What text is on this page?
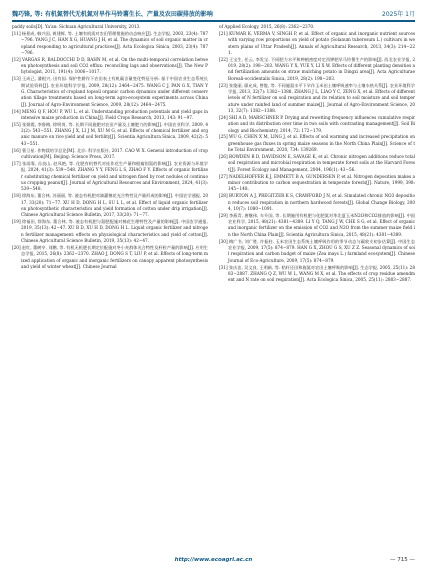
魏巧锋, 等: 有机氮替代无机氮对旱作马铃薯生长、产量及农田碳排放的影响	2025年 1月

paddy soils[D]. Ya'an: Sichuan Agricultural University, 2013.

[11] 杨景成, 韩兴国, 黄建辉, 等. 土壤有机质对农田管理措施的动态响应[J]. 生态学报, 2003, 23(4): 787−796. YANG J C, HAN X G, HUANG J H, et al. The dynamics of soil organic matter in cropland responding to agricultural practices[J]. Acta Ecologica Sinica, 2003, 23(4): 787−796.

[12] VARGAS R, BALDOCCHI D D, BAHN M, et al. On the multi-temporal correlation between photosynthesis and soil CO2 efflux: reconciling lags and observations[J]. The New Phytologist, 2011, 191(4): 1006−1017.

[13] 王成己, 潘根兴, 田有国. 保护性耕作下农田表土有机碳含量变化特征分析: 基于中国农业生态系统长期试验资料[J]. 农业环境科学学报, 2009, 28(12): 2464−2475. WANG C J, PAN G X, TIAN Y G. Characteristics of cropland topsoil organic carbon dynamics under different conservation tillage treatments based on long-term agro-ecosystem experiments across China[J]. Journal of Agro-Environment Science, 2009, 28(12): 2464−2475.

[14] MENG Q F, HOU P, WU L, et al. Understanding production potentials and yield gaps in intensive maize production in China[J]. Field Crops Research, 2013, 143: 91−97.

[15] 张娟霞, 李鲁梅, 徐明岗, 等. 长期不同施肥对农田产量及土壤肥力的影响[J]. 中国农业科学, 2009, 42(2): 543−551. ZHANG J X, LI J M, XU M G, et al. Effects of chemical fertilizer and organic manure on rice yield and soil fertility[J]. Scientia Agricultura Sinica, 2009, 42(2): 543−551.

[16] 曹卫星. 作物栽培学总论[M]. 北京: 科学出版社, 2017. CAO W X. General introduction of crop cultivation[M]. Beijing: Science Press, 2017.

[17] 张雨霏, 冯良山, 赵凤艳, 等. 化肥有机替代对连作花生产量和根瘤固氮的影响[J]. 农业资源与环境学报, 2024, 41(3): 539−548. ZHANG Y Y, FENG L S, ZHAO F Y. Effects of organic fertilizer substituting chemical fertilizer on yield and nitrogen fixed by root nodules of continuous cropping peanut[J]. Journal of Agricultural Resources and Environment, 2024, 41(3): 539−548.

[18] 徐海东, 董合林, 苏丽丽, 等. 液态有机肥对滴灌棉花光合特性及产量形成的影响[J]. 中国农学通报, 2017, 33(20): 71−77. XU H D, DONG H L, SU L L, et al. Effect of liquid organic fertilizer on photosynthetic characteristics and yield formation of cotton under drip irrigation[J]. Chinese Agricultural Science Bulletin, 2017, 33(20): 71−77.

[19] 徐福田, 徐海东, 董合林, 等. 液态有机肥与氮肥配施对棉花生理特性及产量的影响[J]. 中国农学通报, 2019, 35(13): 42−47. XU B D, XU H D, DONG H L. Liquid organic fertilizer and nitrogen fertilizer management: effects on physiological characteristics and yield of cotton[J]. Chinese Agricultural Science Bulletin, 2019, 35(13): 42−47.

[20] 赵红, 董树亭, 刘鹏, 等. 有机无机肥长期定位配施对冬小麦群体光合特性及籽粒产量的影响[J]. 应用生态学报, 2015, 26(8): 2362−2370. ZHAO J, DONG S T, LIU P, et al. Effects of long-term mixed application of organic and inorganic fertilizers on canopy apparent photosynthesis and yield of winter wheat[J]. Chinese Journal

of Applied Ecology, 2015, 26(8): 2362−2370.

[21] KUMAR K, VERMA V, SINGH P, et al. Effect of organic and inorganic nutrient sources with varying row proportions on yield of potato (Solanum tuberosum L.) cultivars in western plains of Uttar Pradesh[J]. Annals of Agricultural Research, 2013, 34(3): 214−221.

[22] 王宝生, 任云, 李发宝. 不同肥力水平和种植密度对定西钾肥旱马铃薯生产的影响[J]. 西北农业学报, 2019, 28(2): 198−203. WANG Y X, YUE Y, LI X W. Effects of different planting densities and fertilization amounts on straw mulching potato in Dingxi area[J]. Acta Agriculturae Boreali-occidentalis Sinica, 2019, 28(2): 198−203.

[23] 张俊丽, 廖允成, 曾俊, 等. 不同施氮水平下旱作玉米田土壤呼吸速率与土壤水热关系[J]. 农业环境科学学报, 2013, 32(7): 1382−1388. ZHANG J L, LIAO Y C, ZENG X, et al. Effects of different levels of N fertilizer on soil respiration and its relation to soil moisture and soil temperature under rainfed land of summer maize[J]. Journal of Agro-Environment Science, 2013, 32(7): 1382−1388.

[24] SHI A D, MARSCHNER P. Drying and rewetting frequency influences cumulative respiration and its distribution over time in two soils with contrasting management[J]. Soil Biology and Biochemistry, 2014, 72: 172−179.

[25] WU G, CHEN X M, LING J, et al. Effects of soil warming and increased precipitation on greenhouse gas fluxes in spring maize seasons in the North China Plain[J]. Science of the Total Environment, 2020, 734: 139269.

[26] BOWDEN R D, DAVIDSON E, SAVAGE K, et al. Chronic nitrogen additions reduce total soil respiration and microbial respiration in temperate forest soils at the Harvard Forest[J]. Forest Ecology and Management, 2004, 196(1): 43−56.

[27] NADELHOFFER K J, EMMETT B A, GUNDERSEN P, et al. Nitrogen deposition makes a minor contribution to carbon sequestration in temperate forests[J]. Nature, 1999, 398: 145−148.

[28] BURTON A J, PREGITZER K S, CRAWFORD J N, et al. Simulated chronic NO3 deposition reduces soil respiration in northern hardwood forests[J]. Global Change Biology, 2004, 10(7): 1080−1091.

[29] 李燕青, 唐继伟, 车升国, 等. 长期施用有机肥与化肥氮对华北夏玉米N2O和CO2排放的影响[J]. 中国农业科学, 2015, 48(21): 4381−4389. LI Y Q, TANG J W, CHE S G, et al. Effect of organic and inorganic fertilizer on the emission of CO2 and N2O from the summer maize field in the North China Plain[J]. Scientia Agricultura Sinica, 2015, 48(21): 4381−4389.

[30] 梅广书, 刘广胜, 许振柱. 玉米农田生态系统土壤呼吸作用的季节动态与碳收支初步估算[J]. 中国生态农业学报, 2009, 17(5): 874−879. HAN G X, ZHOU G S, XU Z Z. Seasonal dynamics of soil respiration and carbon budget of maize (Zea mays L.) farmland ecosystem[J]. Chinese Journal of Eco-Agriculture, 2009, 17(5): 874−879.

[31] 张庆忠, 吴文良, 王明新, 等. 秸秆还田和施氮对农田土壤呼吸的影响[J]. 生态学报, 2005, 25(11): 2883−2887. ZHANG Q Z, WU W L, WANG M X, et al. The effects of crop residue amendment and N rate on soil respiration[J]. Acta Ecologica Sinica, 2005, 25(11): 2883−2887.

http://www.ecoagri.ac.cn	— 715 —
